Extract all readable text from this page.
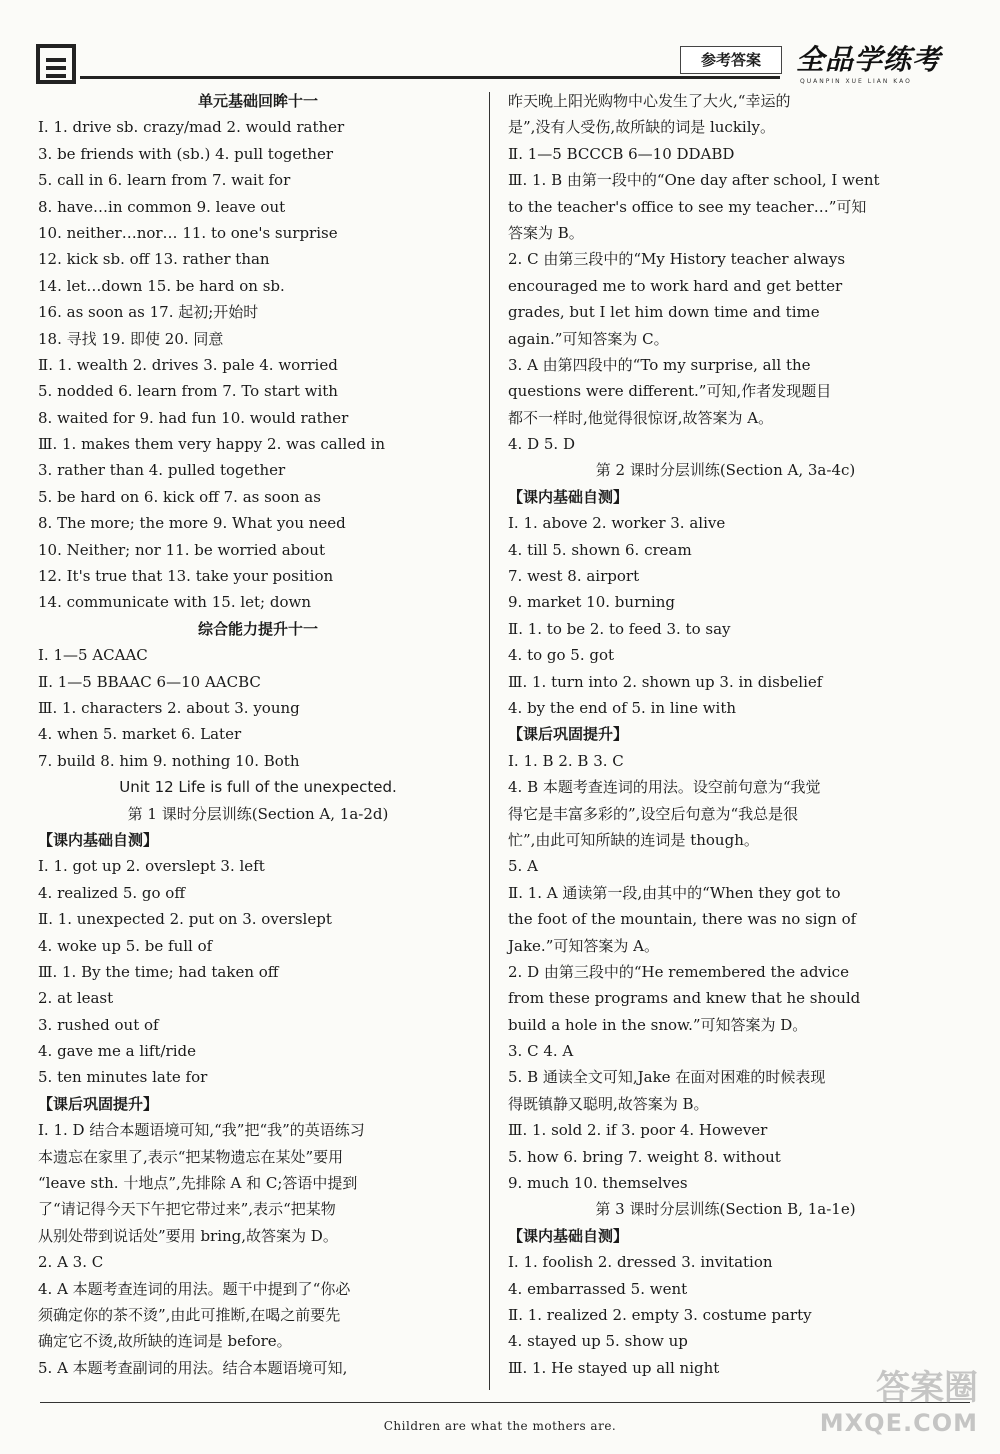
参考答案	全品学练考
QUANPIN XUE LIAN KAO
单元基础回眸十一
Ⅰ. 1. drive sb. crazy/mad 2. would rather
3. be friends with (sb.) 4. pull together
5. call in 6. learn from 7. wait for
8. have…in common 9. leave out
10. neither…nor… 11. to one's surprise
12. kick sb. off 13. rather than
14. let…down 15. be hard on sb.
16. as soon as 17. 起初;开始时
18. 寻找 19. 即使 20. 同意
Ⅱ. 1. wealth 2. drives 3. pale 4. worried
5. nodded 6. learn from 7. To start with
8. waited for 9. had fun 10. would rather
Ⅲ. 1. makes them very happy 2. was called in
3. rather than 4. pulled together
5. be hard on 6. kick off 7. as soon as
8. The more; the more 9. What you need
10. Neither; nor 11. be worried about
12. It's true that 13. take your position
14. communicate with 15. let; down
综合能力提升十一
Ⅰ. 1—5 ACAAC
Ⅱ. 1—5 BBAAC 6—10 AACBC
Ⅲ. 1. characters 2. about 3. young
4. when 5. market 6. Later
7. build 8. him 9. nothing 10. Both
Unit 12 Life is full of the unexpected.
第 1 课时分层训练(Section A, 1a-2d)
【课内基础自测】
Ⅰ. 1. got up 2. overslept 3. left
4. realized 5. go off
Ⅱ. 1. unexpected 2. put on 3. overslept
4. woke up 5. be full of
Ⅲ. 1. By the time; had taken off
2. at least
3. rushed out of
4. gave me a lift/ride
5. ten minutes late for
【课后巩固提升】
Ⅰ. 1. D 结合本题语境可知,“我”把“我”的英语练习
本遗忘在家里了,表示“把某物遗忘在某处”要用
“leave sth. 十地点”,先排除 A 和 C;答语中提到
了“请记得今天下午把它带过来”,表示“把某物
从别处带到说话处”要用 bring,故答案为 D。
2. A 3. C
4. A 本题考查连词的用法。题干中提到了“你必
须确定你的茶不烫”,由此可推断,在喝之前要先
确定它不烫,故所缺的连词是 before。
5. A 本题考查副词的用法。结合本题语境可知,
昨天晚上阳光购物中心发生了大火,“幸运的
是”,没有人受伤,故所缺的词是 luckily。
Ⅱ. 1—5 BCCCB 6—10 DDABD
Ⅲ. 1. B 由第一段中的“One day after school, I went
to the teacher's office to see my teacher…”可知
答案为 B。
2. C 由第三段中的“My History teacher always
encouraged me to work hard and get better
grades, but I let him down time and time
again.”可知答案为 C。
3. A 由第四段中的“To my surprise, all the
questions were different.”可知,作者发现题目
都不一样时,他觉得很惊讶,故答案为 A。
4. D 5. D
第 2 课时分层训练(Section A, 3a-4c)
【课内基础自测】
Ⅰ. 1. above 2. worker 3. alive
4. till 5. shown 6. cream
7. west 8. airport
9. market 10. burning
Ⅱ. 1. to be 2. to feed 3. to say
4. to go 5. got
Ⅲ. 1. turn into 2. shown up 3. in disbelief
4. by the end of 5. in line with
【课后巩固提升】
Ⅰ. 1. B 2. B 3. C
4. B 本题考查连词的用法。设空前句意为“我觉
得它是丰富多彩的”,设空后句意为“我总是很
忙”,由此可知所缺的连词是 though。
5. A
Ⅱ. 1. A 通读第一段,由其中的“When they got to
the foot of the mountain, there was no sign of
Jake.”可知答案为 A。
2. D 由第三段中的“He remembered the advice
from these programs and knew that he should
build a hole in the snow.”可知答案为 D。
3. C 4. A
5. B 通读全文可知,Jake 在面对困难的时候表现
得既镇静又聪明,故答案为 B。
Ⅲ. 1. sold 2. if 3. poor 4. However
5. how 6. bring 7. weight 8. without
9. much 10. themselves
第 3 课时分层训练(Section B, 1a-1e)
【课内基础自测】
Ⅰ. 1. foolish 2. dressed 3. invitation
4. embarrassed 5. went
Ⅱ. 1. realized 2. empty 3. costume party
4. stayed up 5. show up
Ⅲ. 1. He stayed up all night
Children are what the mothers are.
答案圈
MXQE.COM
